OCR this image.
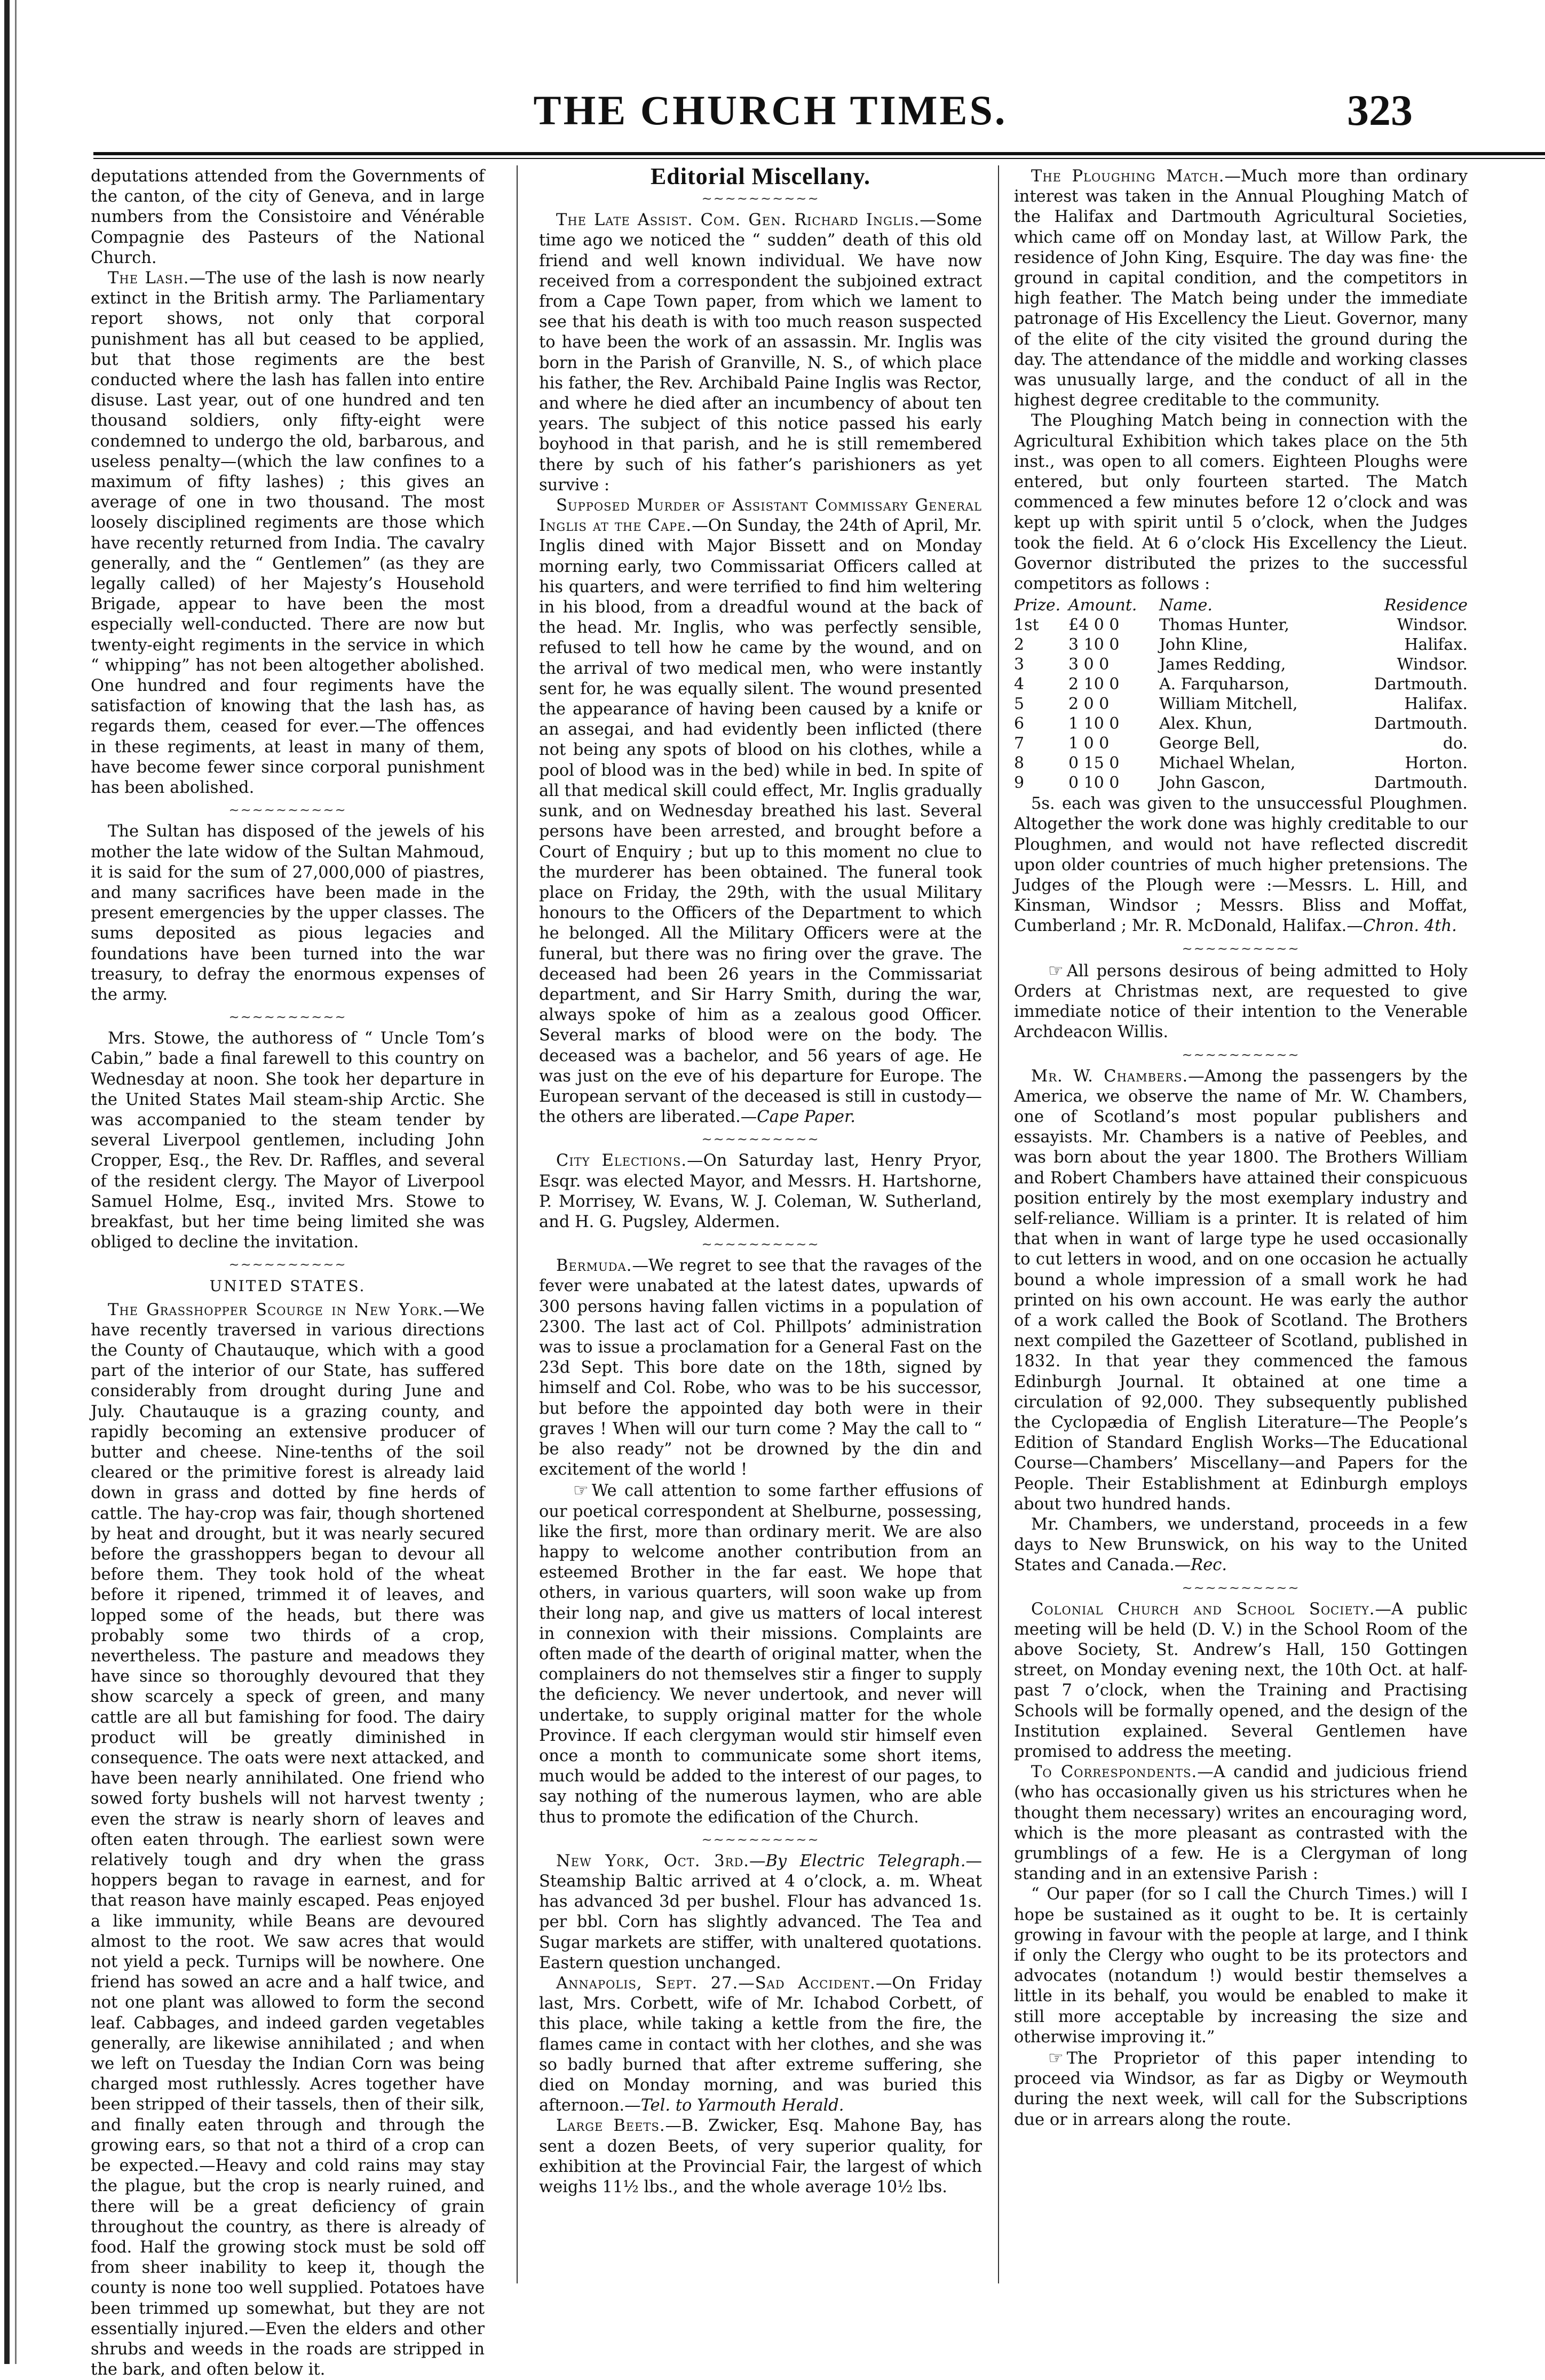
THE CHURCH TIMES.	323

deputations attended from the Governments of the canton, of the city of Geneva, and in large numbers from the Consistoire and Vénérable Compagnie des Pasteurs of the National Church.

The Lash.—The use of the lash is now nearly extinct in the British army. The Parliamentary report shows, not only that corporal punishment has all but ceased to be applied, but that those regiments are the best conducted where the lash has fallen into entire disuse. Last year, out of one hundred and ten thousand soldiers, only fifty-eight were condemned to undergo the old, barbarous, and useless penalty—(which the law confines to a maximum of fifty lashes) ; this gives an average of one in two thousand. The most loosely disciplined regiments are those which have recently returned from India. The cavalry generally, and the “ Gentlemen” (as they are legally called) of her Majesty’s Household Brigade, appear to have been the most especially well-conducted. There are now but twenty-eight regiments in the service in which “ whipping” has not been altogether abolished. One hundred and four regiments have the satisfaction of knowing that the lash has, as regards them, ceased for ever.—The offences in these regiments, at least in many of them, have become fewer since corporal punishment has been abolished.

∼∼∼∼∼∼∼∼∼∼

The Sultan has disposed of the jewels of his mother the late widow of the Sultan Mahmoud, it is said for the sum of 27,000,000 of piastres, and many sacrifices have been made in the present emergencies by the upper classes. The sums deposited as pious legacies and foundations have been turned into the war treasury, to defray the enormous expenses of the army.

∼∼∼∼∼∼∼∼∼∼

Mrs. Stowe, the authoress of “ Uncle Tom’s Cabin,” bade a final farewell to this country on Wednesday at noon. She took her departure in the United States Mail steam-ship Arctic. She was accompanied to the steam tender by several Liverpool gentlemen, including John Cropper, Esq., the Rev. Dr. Raffles, and several of the resident clergy. The Mayor of Liverpool Samuel Holme, Esq., invited Mrs. Stowe to breakfast, but her time being limited she was obliged to decline the invitation.

∼∼∼∼∼∼∼∼∼∼
UNITED STATES.

The Grasshopper Scourge in New York.—We have recently traversed in various directions the County of Chautauque, which with a good part of the interior of our State, has suffered considerably from drought during June and July. Chautauque is a grazing county, and rapidly becoming an extensive producer of butter and cheese. Nine-tenths of the soil cleared or the primitive forest is already laid down in grass and dotted by fine herds of cattle. The hay-crop was fair, though shortened by heat and drought, but it was nearly secured before the grasshoppers began to devour all before them. They took hold of the wheat before it ripened, trimmed it of leaves, and lopped some of the heads, but there was probably some two thirds of a crop, nevertheless. The pasture and meadows they have since so thoroughly devoured that they show scarcely a speck of green, and many cattle are all but famishing for food. The dairy product will be greatly diminished in consequence. The oats were next attacked, and have been nearly annihilated. One friend who sowed forty bushels will not harvest twenty ; even the straw is nearly shorn of leaves and often eaten through. The earliest sown were relatively tough and dry when the grass hoppers began to ravage in earnest, and for that reason have mainly escaped. Peas enjoyed a like immunity, while Beans are devoured almost to the root. We saw acres that would not yield a peck. Turnips will be nowhere. One friend has sowed an acre and a half twice, and not one plant was allowed to form the second leaf. Cabbages, and indeed garden vegetables generally, are likewise annihilated ; and when we left on Tuesday the Indian Corn was being charged most ruthlessly. Acres together have been stripped of their tassels, then of their silk, and finally eaten through and through the growing ears, so that not a third of a crop can be expected.—Heavy and cold rains may stay the plague, but the crop is nearly ruined, and there will be a great deficiency of grain throughout the country, as there is already of food. Half the growing stock must be sold off from sheer inability to keep it, though the county is none too well supplied. Potatoes have been trimmed up somewhat, but they are not essentially injured.—Even the elders and other shrubs and weeds in the roads are stripped in the bark, and often below it.

Editorial Miscellany.
∼∼∼∼∼∼∼∼∼∼

The Late Assist. Com. Gen. Richard Inglis.—Some time ago we noticed the “ sudden” death of this old friend and well known individual. We have now received from a correspondent the subjoined extract from a Cape Town paper, from which we lament to see that his death is with too much reason suspected to have been the work of an assassin. Mr. Inglis was born in the Parish of Granville, N. S., of which place his father, the Rev. Archibald Paine Inglis was Rector, and where he died after an incumbency of about ten years. The subject of this notice passed his early boyhood in that parish, and he is still remembered there by such of his father’s parishioners as yet survive :

Supposed Murder of Assistant Commissary General Inglis at the Cape.—On Sunday, the 24th of April, Mr. Inglis dined with Major Bissett and on Monday morning early, two Commissariat Officers called at his quarters, and were terrified to find him weltering in his blood, from a dreadful wound at the back of the head. Mr. Inglis, who was perfectly sensible, refused to tell how he came by the wound, and on the arrival of two medical men, who were instantly sent for, he was equally silent. The wound presented the appearance of having been caused by a knife or an assegai, and had evidently been inflicted (there not being any spots of blood on his clothes, while a pool of blood was in the bed) while in bed. In spite of all that medical skill could effect, Mr. Inglis gradually sunk, and on Wednesday breathed his last. Several persons have been arrested, and brought before a Court of Enquiry ; but up to this moment no clue to the murderer has been obtained. The funeral took place on Friday, the 29th, with the usual Military honours to the Officers of the Department to which he belonged. All the Military Officers were at the funeral, but there was no firing over the grave. The deceased had been 26 years in the Commissariat department, and Sir Harry Smith, during the war, always spoke of him as a zealous good Officer. Several marks of blood were on the body. The deceased was a bachelor, and 56 years of age. He was just on the eve of his departure for Europe. The European servant of the deceased is still in custody—the others are liberated.—Cape Paper.

∼∼∼∼∼∼∼∼∼∼

City Elections.—On Saturday last, Henry Pryor, Esqr. was elected Mayor, and Messrs. H. Hartshorne, P. Morrisey, W. Evans, W. J. Coleman, W. Sutherland, and H. G. Pugsley, Aldermen.

∼∼∼∼∼∼∼∼∼∼

Bermuda.—We regret to see that the ravages of the fever were unabated at the latest dates, upwards of 300 persons having fallen victims in a population of 2300. The last act of Col. Phillpots’ administration was to issue a proclamation for a General Fast on the 23d Sept. This bore date on the 18th, signed by himself and Col. Robe, who was to be his successor, but before the appointed day both were in their graves ! When will our turn come ? May the call to “ be also ready” not be drowned by the din and excitement of the world !

☞ We call attention to some farther effusions of our poetical correspondent at Shelburne, possessing, like the first, more than ordinary merit. We are also happy to welcome another contribution from an esteemed Brother in the far east. We hope that others, in various quarters, will soon wake up from their long nap, and give us matters of local interest in connexion with their missions. Complaints are often made of the dearth of original matter, when the complainers do not themselves stir a finger to supply the deficiency. We never undertook, and never will undertake, to supply original matter for the whole Province. If each clergyman would stir himself even once a month to communicate some short items, much would be added to the interest of our pages, to say nothing of the numerous laymen, who are able thus to promote the edification of the Church.

∼∼∼∼∼∼∼∼∼∼

New York, Oct. 3rd.—By Electric Telegraph.—Steamship Baltic arrived at 4 o’clock, a. m. Wheat has advanced 3d per bushel. Flour has advanced 1s. per bbl. Corn has slightly advanced. The Tea and Sugar markets are stiffer, with unaltered quotations. Eastern question unchanged.

Annapolis, Sept. 27.—Sad Accident.—On Friday last, Mrs. Corbett, wife of Mr. Ichabod Corbett, of this place, while taking a kettle from the fire, the flames came in contact with her clothes, and she was so badly burned that after extreme suffering, she died on Monday morning, and was buried this afternoon.—Tel. to Yarmouth Herald.

Large Beets.—B. Zwicker, Esq. Mahone Bay, has sent a dozen Beets, of very superior quality, for exhibition at the Provincial Fair, the largest of which weighs 11½ lbs., and the whole average 10½ lbs.

The Ploughing Match.—Much more than ordinary interest was taken in the Annual Ploughing Match of the Halifax and Dartmouth Agricultural Societies, which came off on Monday last, at Willow Park, the residence of John King, Esquire. The day was fine· the ground in capital condition, and the competitors in high feather. The Match being under the immediate patronage of His Excellency the Lieut. Governor, many of the elite of the city visited the ground during the day. The attendance of the middle and working classes was unusually large, and the conduct of all in the highest degree creditable to the community.

The Ploughing Match being in connection with the Agricultural Exhibition which takes place on the 5th inst., was open to all comers. Eighteen Ploughs were entered, but only fourteen started. The Match commenced a few minutes before 12 o’clock and was kept up with spirit until 5 o’clock, when the Judges took the field. At 6 o’clock His Excellency the Lieut. Governor distributed the prizes to the successful competitors as follows :

Prize.	Amount.	Name.	Residence
1st	£4 0 0	Thomas Hunter,	Windsor.
2	3 10 0	John Kline,	Halifax.
3	3 0 0	James Redding,	Windsor.
4	2 10 0	A. Farquharson,	Dartmouth.
5	2 0 0	William Mitchell,	Halifax.
6	1 10 0	Alex. Khun,	Dartmouth.
7	1 0 0	George Bell,	do.
8	0 15 0	Michael Whelan,	Horton.
9	0 10 0	John Gascon,	Dartmouth.

5s. each was given to the unsuccessful Ploughmen. Altogether the work done was highly creditable to our Ploughmen, and would not have reflected discredit upon older countries of much higher pretensions. The Judges of the Plough were :—Messrs. L. Hill, and Kinsman, Windsor ; Messrs. Bliss and Moffat, Cumberland ; Mr. R. McDonald, Halifax.—Chron. 4th.

∼∼∼∼∼∼∼∼∼∼

☞ All persons desirous of being admitted to Holy Orders at Christmas next, are requested to give immediate notice of their intention to the Venerable Archdeacon Willis.

∼∼∼∼∼∼∼∼∼∼

Mr. W. Chambers.—Among the passengers by the America, we observe the name of Mr. W. Chambers, one of Scotland’s most popular publishers and essayists. Mr. Chambers is a native of Peebles, and was born about the year 1800. The Brothers William and Robert Chambers have attained their conspicuous position entirely by the most exemplary industry and self-reliance. William is a printer. It is related of him that when in want of large type he used occasionally to cut letters in wood, and on one occasion he actually bound a whole impression of a small work he had printed on his own account. He was early the author of a work called the Book of Scotland. The Brothers next compiled the Gazetteer of Scotland, published in 1832. In that year they commenced the famous Edinburgh Journal. It obtained at one time a circulation of 92,000. They subsequently published the Cyclopædia of English Literature—The People’s Edition of Standard English Works—The Educational Course—Chambers’ Miscellany—and Papers for the People. Their Establishment at Edinburgh employs about two hundred hands.

Mr. Chambers, we understand, proceeds in a few days to New Brunswick, on his way to the United States and Canada.—Rec.

∼∼∼∼∼∼∼∼∼∼

Colonial Church and School Society.—A public meeting will be held (D. V.) in the School Room of the above Society, St. Andrew’s Hall, 150 Gottingen street, on Monday evening next, the 10th Oct. at half-past 7 o’clock, when the Training and Practising Schools will be formally opened, and the design of the Institution explained. Several Gentlemen have promised to address the meeting.

To Correspondents.—A candid and judicious friend (who has occasionally given us his strictures when he thought them necessary) writes an encouraging word, which is the more pleasant as contrasted with the grumblings of a few. He is a Clergyman of long standing and in an extensive Parish :

“ Our paper (for so I call the Church Times.) will I hope be sustained as it ought to be. It is certainly growing in favour with the people at large, and I think if only the Clergy who ought to be its protectors and advocates (notandum !) would bestir themselves a little in its behalf, you would be enabled to make it still more acceptable by increasing the size and otherwise improving it.”

☞ The Proprietor of this paper intending to proceed via Windsor, as far as Digby or Weymouth during the next week, will call for the Subscriptions due or in arrears along the route.
